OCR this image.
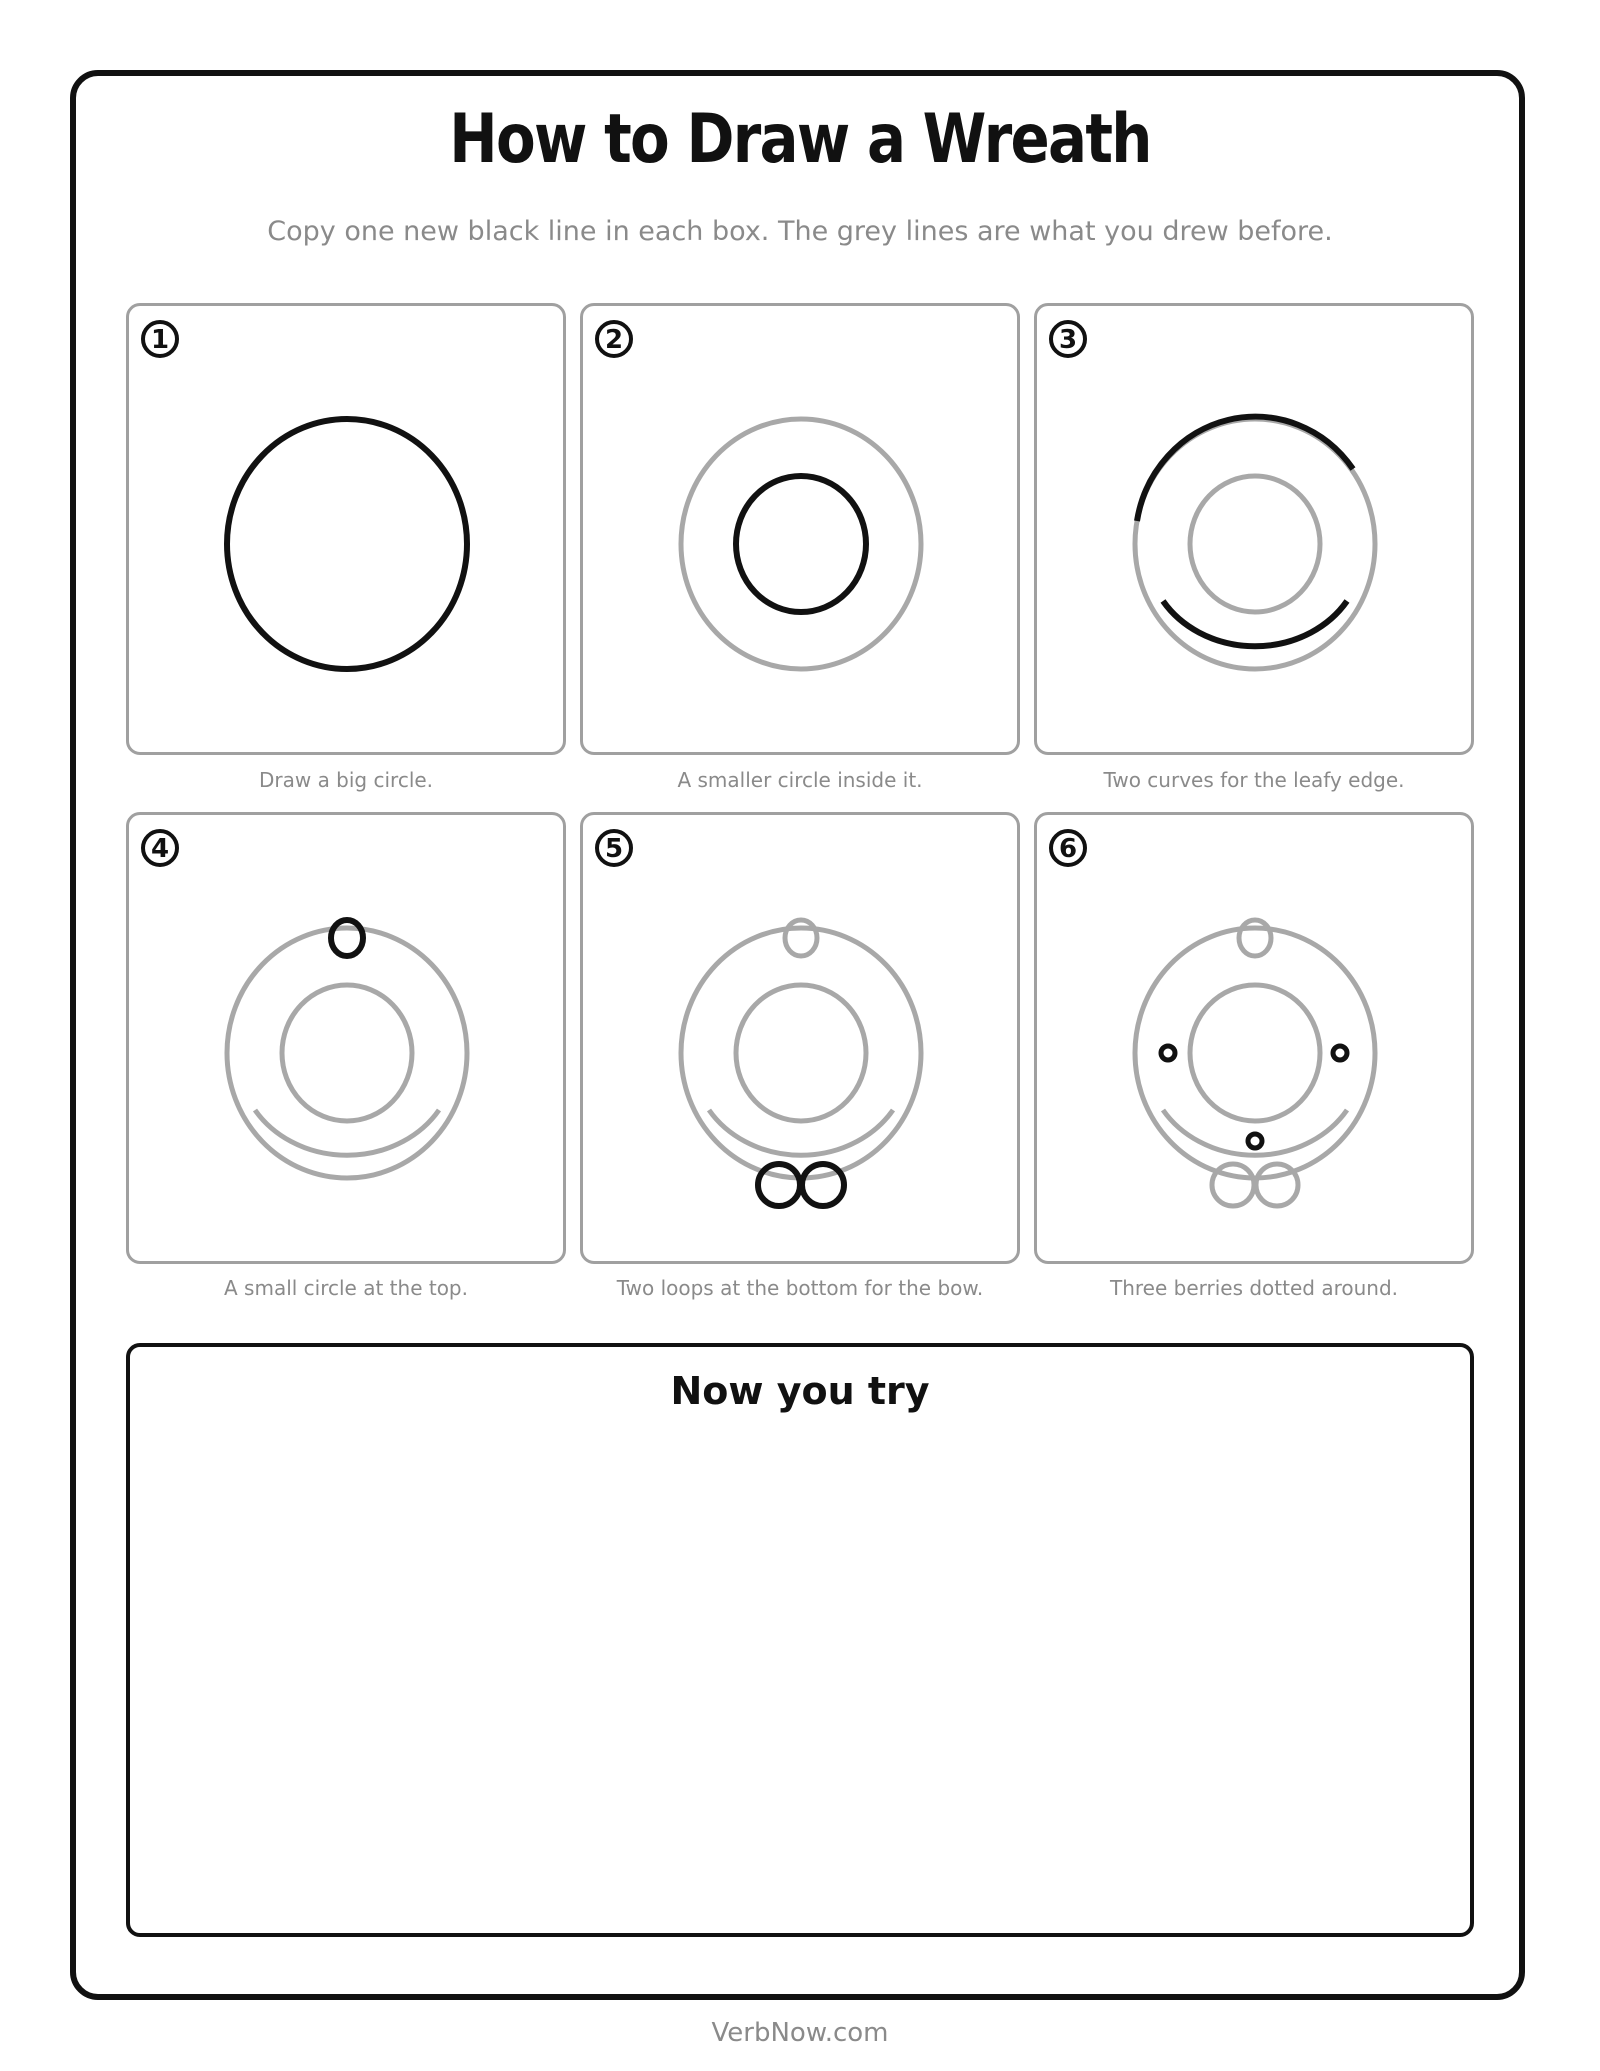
How to Draw a Wreath
Copy one new black line in each box. The grey lines are what you drew before.
1
Draw a big circle.
2
A smaller circle inside it.
3
Two curves for the leafy edge.
4
A small circle at the top.
5
Two loops at the bottom for the bow.
6
Three berries dotted around.
Now you try
VerbNow.com
